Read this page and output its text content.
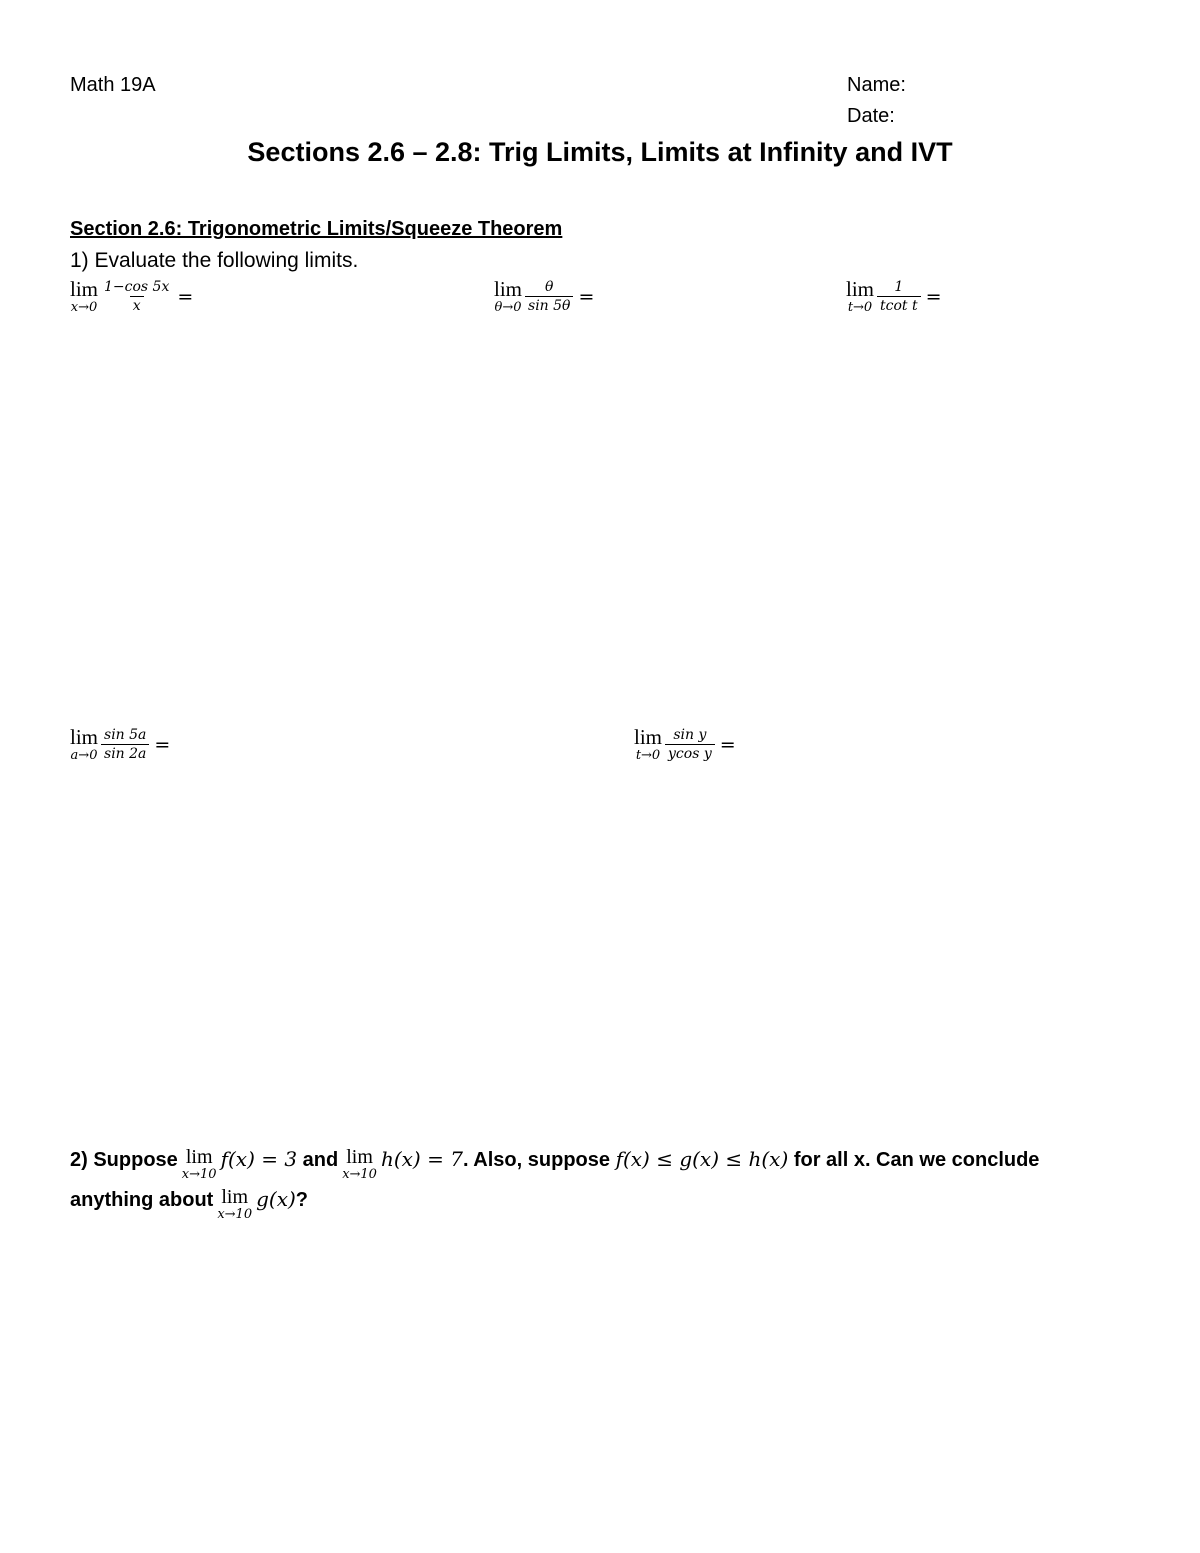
Math 19A	Name:
Date:
Sections 2.6 – 2.8: Trig Limits, Limits at Infinity and IVT
Section 2.6: Trigonometric Limits/Squeeze Theorem
1) Evaluate the following limits.
lim
$x\to 0 \frac{1-\cos 5x}{x}$ =	lim
$\theta\to 0 \frac{\theta}{\sin 5\theta}$ =	lim
$t\to 0 \frac{1}{\text{tcot t}}$ =
lim
$a\to 0 \frac{\sin 5a}{\sin 2a}$ =	lim
$t\to 0 \frac{\text{sin y}}{\text{ycos y}}$ =
2) Suppose lim
x→10
f(x) = 3 and lim
x→10
h(x) = 7. Also, suppose f(x) ≤ g(x) ≤ h(x) for all x. Can we conclude
anything about lim
x→10
g(x)?
